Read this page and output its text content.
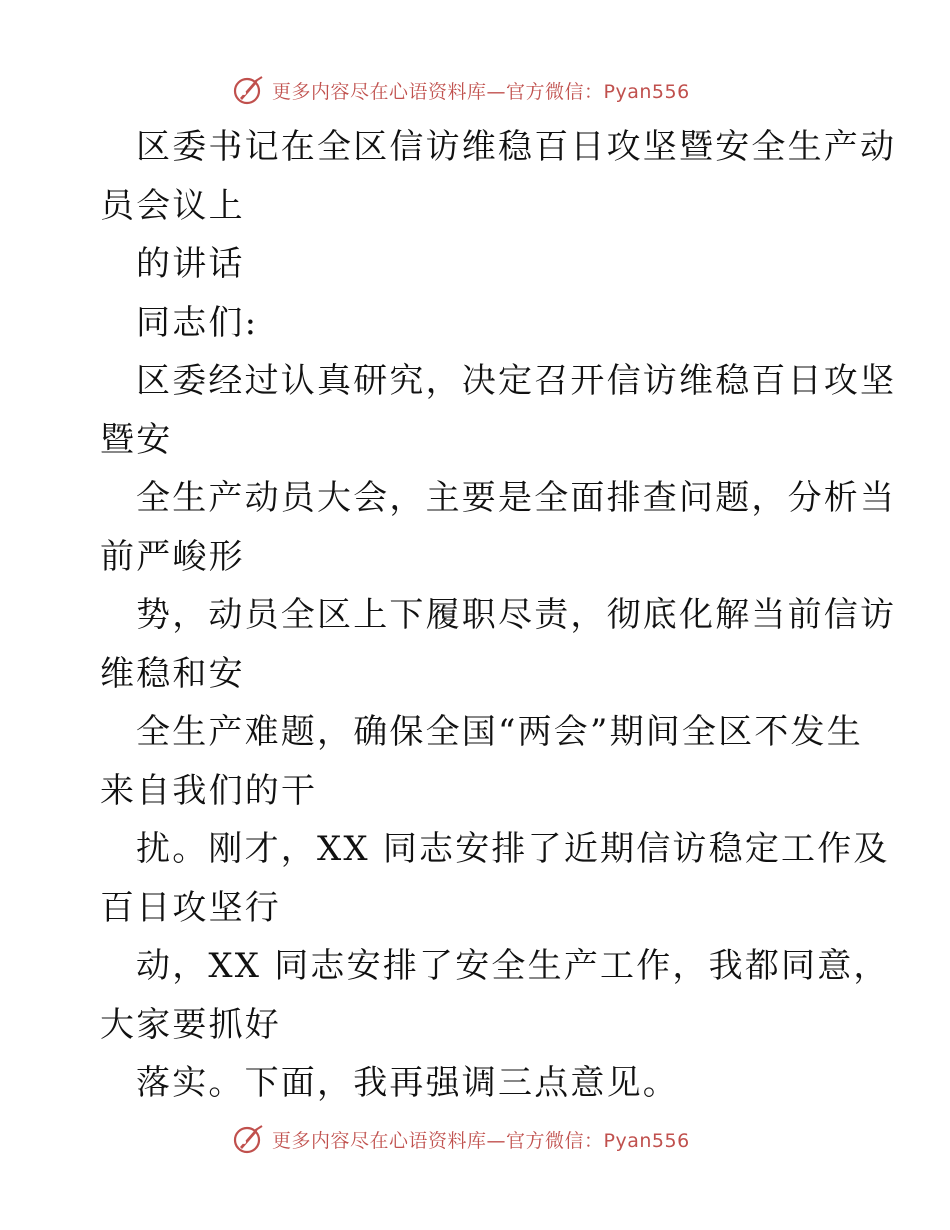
更多内容尽在心语资料库—官方微信：Pyan556
区委书记在全区信访维稳百日攻坚暨安全生产动
员会议上
的讲话
同志们:
区委经过认真研究，决定召开信访维稳百日攻坚
暨安
全生产动员大会，主要是全面排查问题，分析当
前严峻形
势，动员全区上下履职尽责，彻底化解当前信访
维稳和安
全生产难题，确保全国“两会”期间全区不发生
来自我们的干
扰。刚才，XX 同志安排了近期信访稳定工作及
百日攻坚行
动，XX 同志安排了安全生产工作，我都同意，
大家要抓好
落实。下面，我再强调三点意见。
更多内容尽在心语资料库—官方微信：Pyan556
